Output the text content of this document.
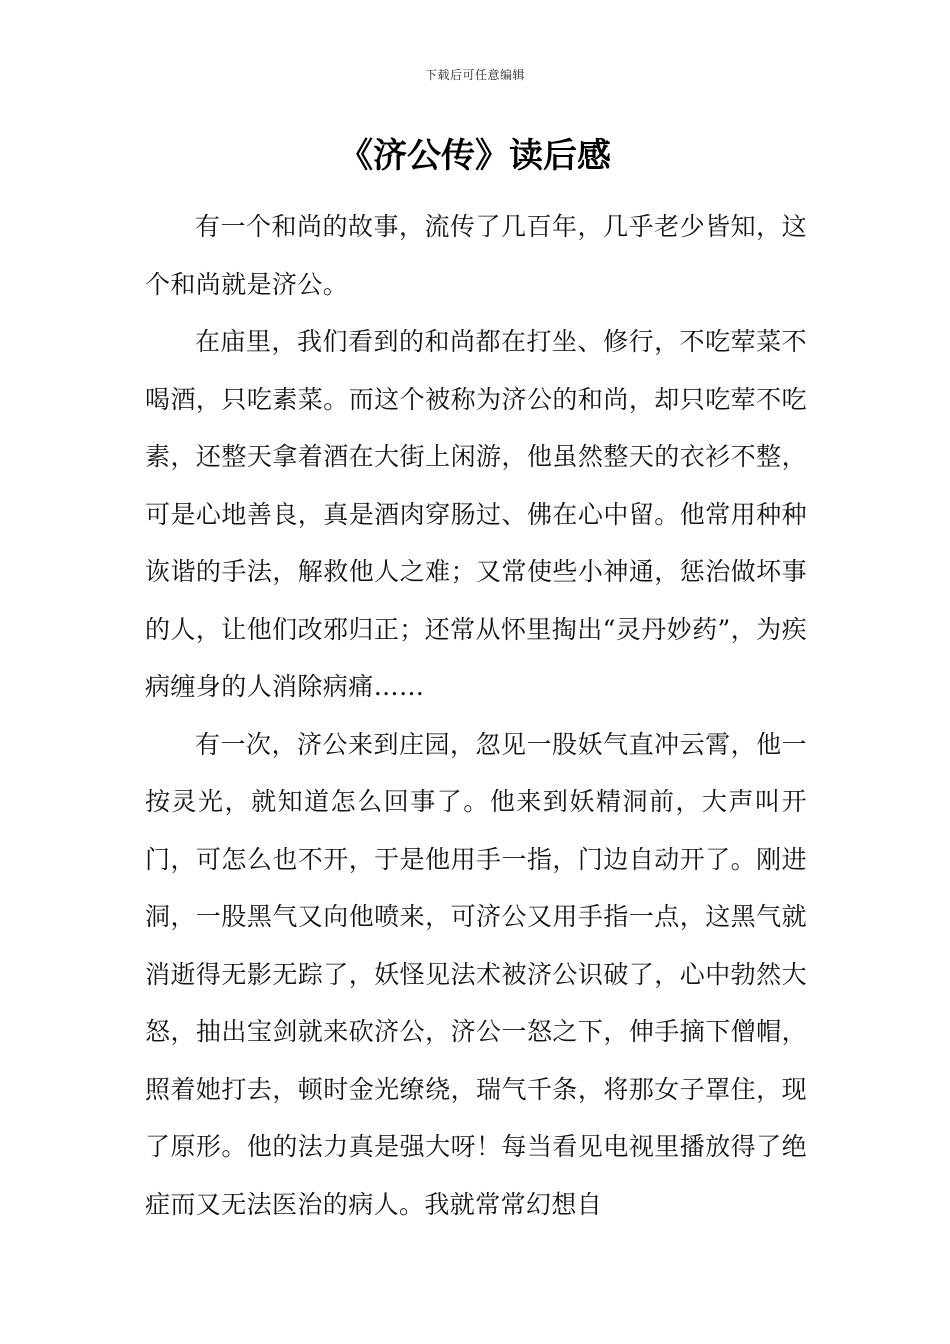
下载后可任意编辑
《济公传》读后感

有一个和尚的故事，流传了几百年，几乎老少皆知，这个和尚就是济公。

在庙里，我们看到的和尚都在打坐、修行，不吃荤菜不喝酒，只吃素菜。而这个被称为济公的和尚，却只吃荤不吃素，还整天拿着酒在大街上闲游，他虽然整天的衣衫不整，可是心地善良，真是酒肉穿肠过、佛在心中留。他常用种种诙谐的手法，解救他人之难；又常使些小神通，惩治做坏事的人，让他们改邪归正；还常从怀里掏出“灵丹妙药”，为疾病缠身的人消除病痛……

有一次，济公来到庄园，忽见一股妖气直冲云霄，他一按灵光，就知道怎么回事了。他来到妖精洞前，大声叫开门，可怎么也不开，于是他用手一指，门边自动开了。刚进洞，一股黑气又向他喷来，可济公又用手指一点，这黑气就消逝得无影无踪了，妖怪见法术被济公识破了，心中勃然大怒，抽出宝剑就来砍济公，济公一怒之下，伸手摘下僧帽，照着她打去，顿时金光缭绕，瑞气千条，将那女子罩住，现了原形。他的法力真是强大呀！每当看见电视里播放得了绝症而又无法医治的病人。我就常常幻想自
